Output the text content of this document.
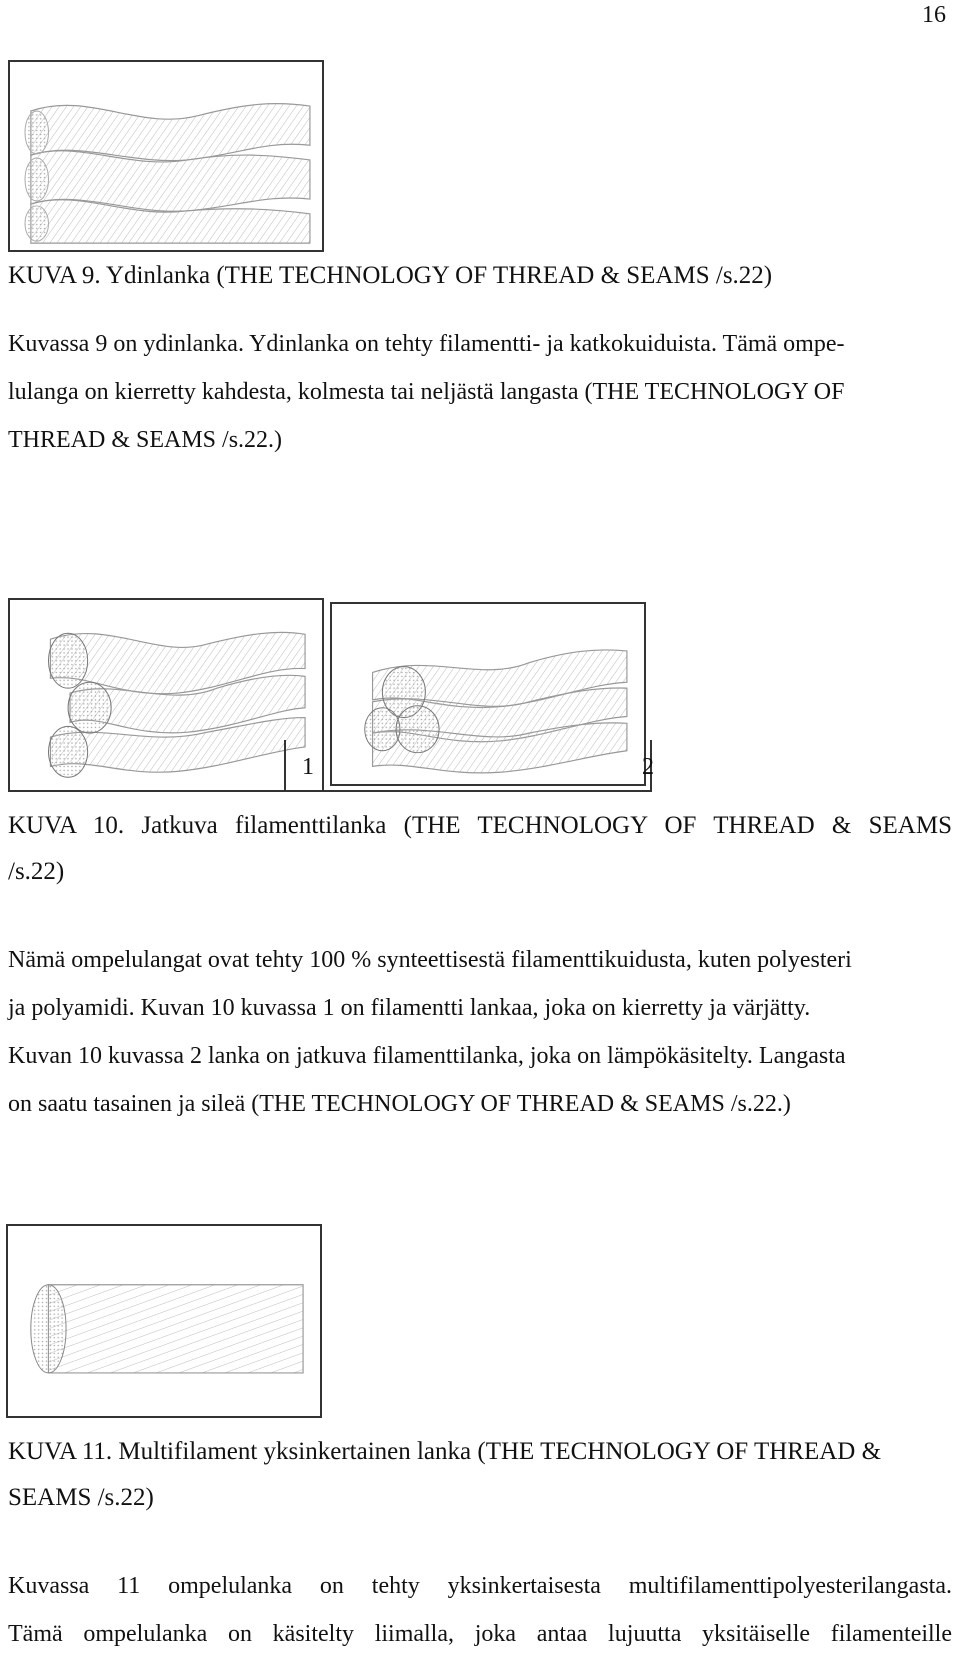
16
KUVA 9. Ydinlanka (THE TECHNOLOGY OF THREAD & SEAMS /s.22)

Kuvassa 9 on ydinlanka. Ydinlanka on tehty filamentti- ja katkokuiduista. Tämä ompe-

lulanga on kierretty kahdesta, kolmesta tai neljästä langasta (THE TECHNOLOGY OF

THREAD & SEAMS /s.22.)

1	2
KUVA 10. Jatkuva filamenttilanka (THE TECHNOLOGY OF THREAD & SEAMS
/s.22)

Nämä ompelulangat ovat tehty 100 % synteettisestä filamenttikuidusta, kuten polyesteri

ja polyamidi. Kuvan 10 kuvassa 1 on filamentti lankaa, joka on kierretty ja värjätty.

Kuvan 10 kuvassa 2 lanka on jatkuva filamenttilanka, joka on lämpökäsitelty. Langasta

on saatu tasainen ja sileä (THE TECHNOLOGY OF THREAD & SEAMS /s.22.)

KUVA 11. Multifilament yksinkertainen lanka (THE TECHNOLOGY OF THREAD &
SEAMS /s.22)

Kuvassa 11 ompelulanka on tehty yksinkertaisesta multifilamenttipolyesterilangasta.

Tämä ompelulanka on käsitelty liimalla, joka antaa lujuutta yksitäiselle filamenteille
